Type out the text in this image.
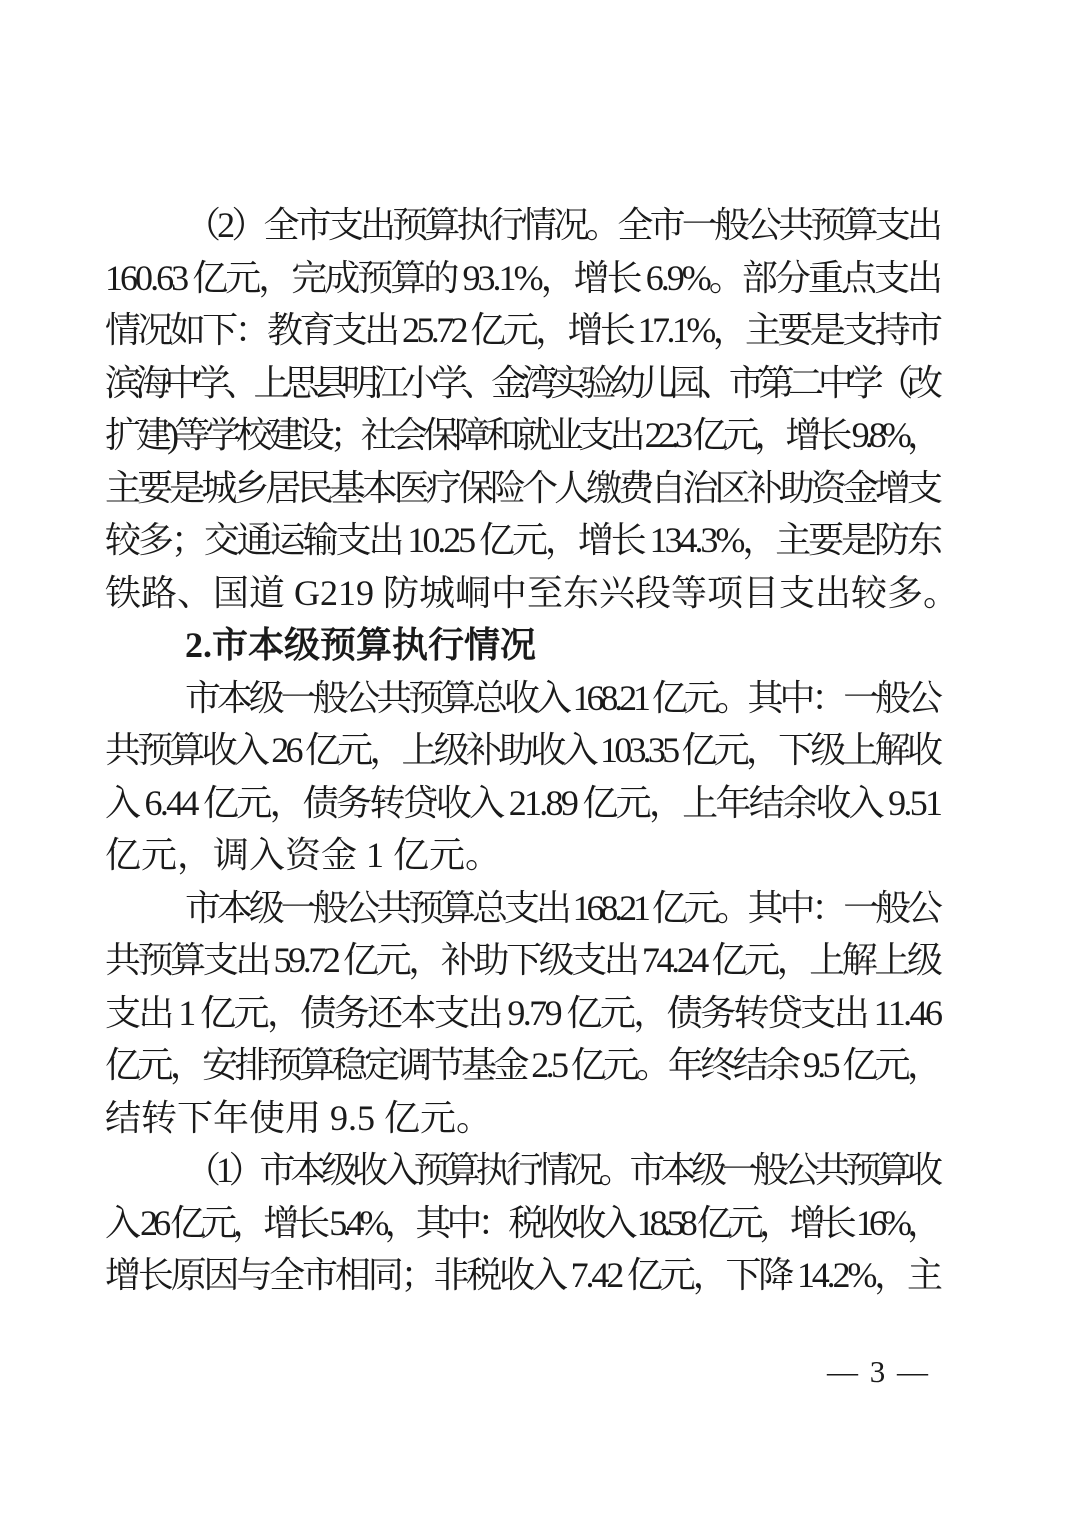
（2）全市支出预算执行情况。全市一般公共预算支出
160.63 亿元，完成预算的 93.1%，增长 6.9%。部分重点支出
情况如下：教育支出 25.72 亿元，增长 17.1%，主要是支持市
滨海中学、上思县明江小学、金湾实验幼儿园、市第二中学（改
扩建)等学校建设；社会保障和就业支出 22.3 亿元，增长 9.8%，
主要是城乡居民基本医疗保险个人缴费自治区补助资金增支
较多；交通运输支出 10.25 亿元，增长 134.3%，主要是防东
铁路、国道 G219 防城峒中至东兴段等项目支出较多。
2.市本级预算执行情况
市本级一般公共预算总收入 168.21 亿元。其中：一般公
共预算收入 26 亿元，上级补助收入 103.35 亿元，下级上解收
入 6.44 亿元，债务转贷收入 21.89 亿元，上年结余收入 9.51
亿元，调入资金 1 亿元。
市本级一般公共预算总支出 168.21 亿元。其中：一般公
共预算支出 59.72 亿元，补助下级支出 74.24 亿元，上解上级
支出 1 亿元，债务还本支出 9.79 亿元，债务转贷支出 11.46
亿元，安排预算稳定调节基金 2.5 亿元。年终结余 9.5 亿元，
结转下年使用 9.5 亿元。
（1）市本级收入预算执行情况。市本级一般公共预算收
入 26 亿元，增长 5.4%，其中：税收收入 18.58 亿元，增长 16%，
增长原因与全市相同；非税收入 7.42 亿元，下降 14.2%，主
— 3 —
